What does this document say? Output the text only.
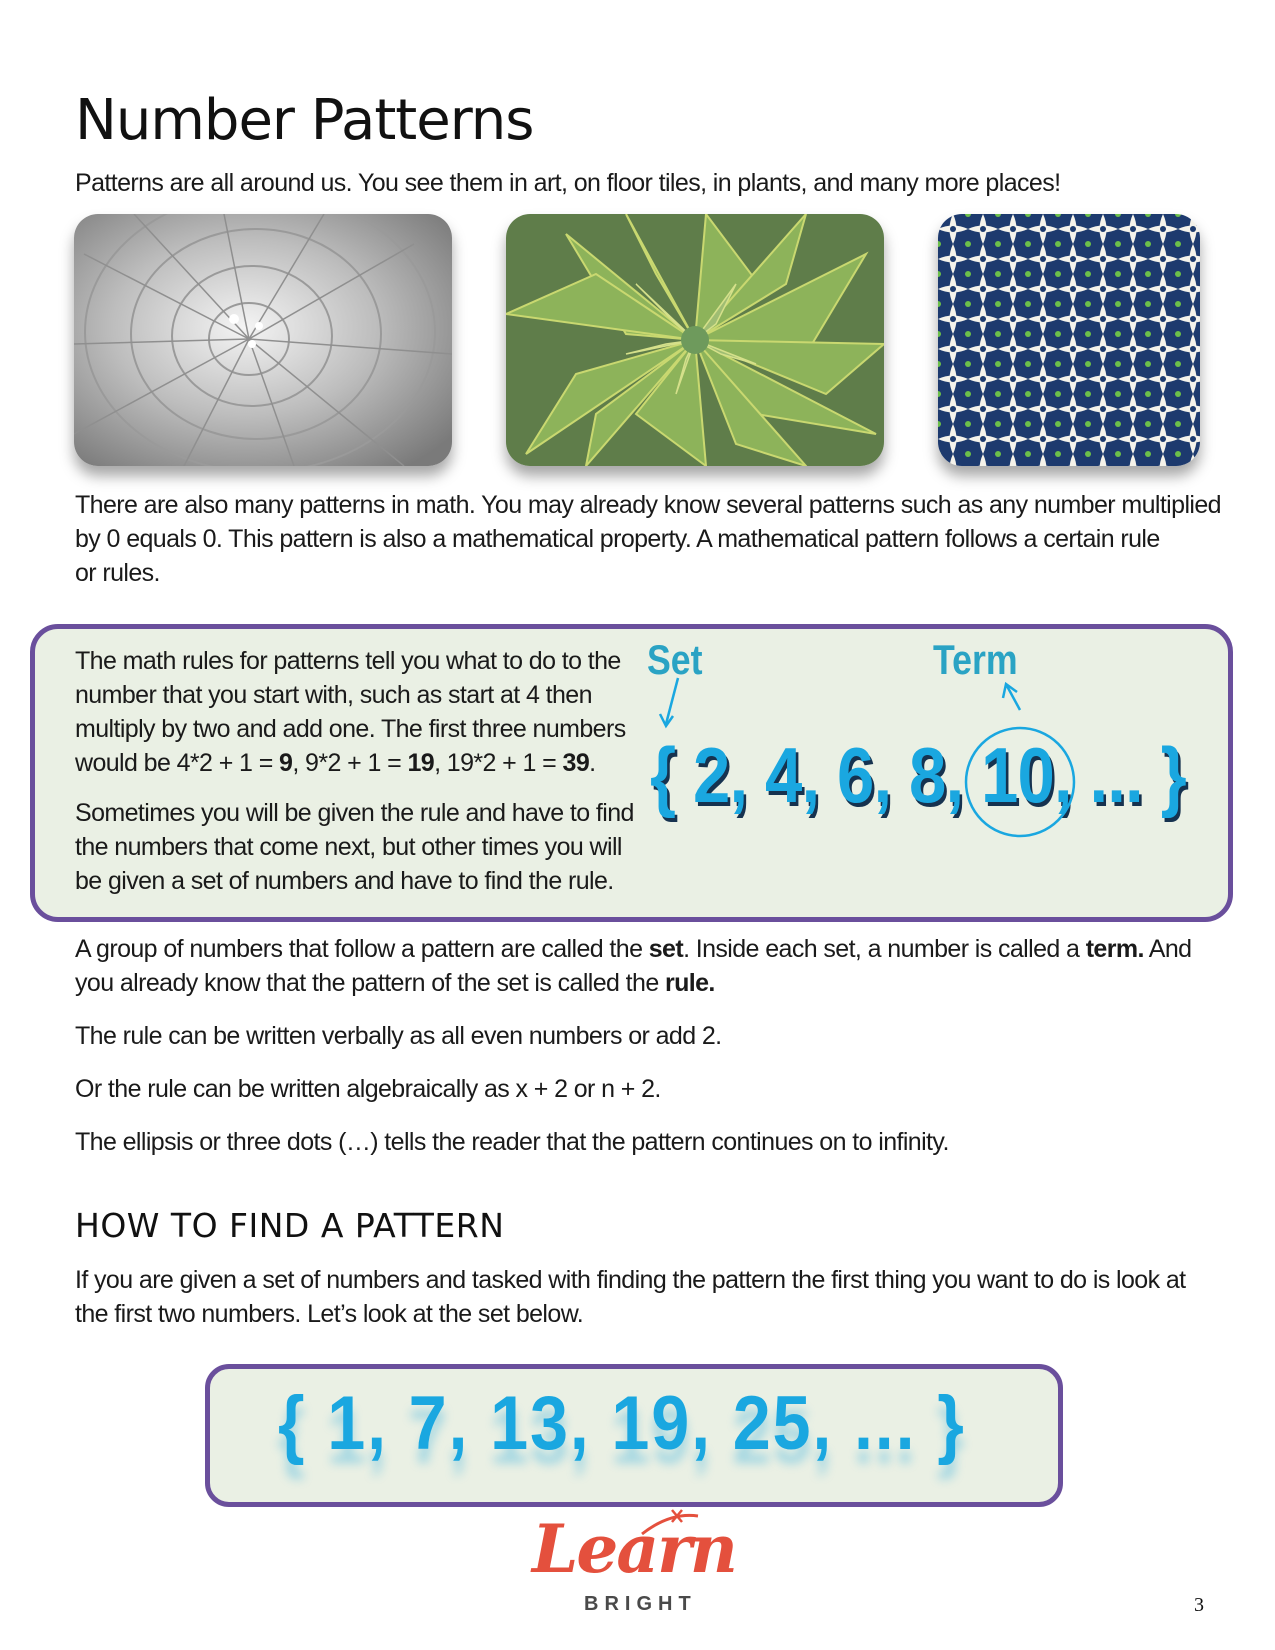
Number Patterns

Patterns are all around us. You see them in art, on floor tiles, in plants, and many more places!

There are also many patterns in math. You may already know several patterns such as any number multiplied
by 0 equals 0. This pattern is also a mathematical property. A mathematical pattern follows a certain rule
or rules.

The math rules for patterns tell you what to do to the
number that you start with, such as start at 4 then
multiply by two and add one. The first three numbers
would be 4*2 + 1 = 9, 9*2 + 1 = 19, 19*2 + 1 = 39.

Sometimes you will be given the rule and have to find
the numbers that come next, but other times you will
be given a set of numbers and have to find the rule.

Set	Term
{ 2, 4, 6, 8, 10, ... }

A group of numbers that follow a pattern are called the set. Inside each set, a number is called a term. And
you already know that the pattern of the set is called the rule.

The rule can be written verbally as all even numbers or add 2.

Or the rule can be written algebraically as x + 2 or n + 2.

The ellipsis or three dots (…) tells the reader that the pattern continues on to infinity.

HOW TO FIND A PATTERN

If you are given a set of numbers and tasked with finding the pattern the first thing you want to do is look at
the first two numbers. Let’s look at the set below.

{ 1, 7, 13, 19, 25, ... }
Learn
BRIGHT	3
